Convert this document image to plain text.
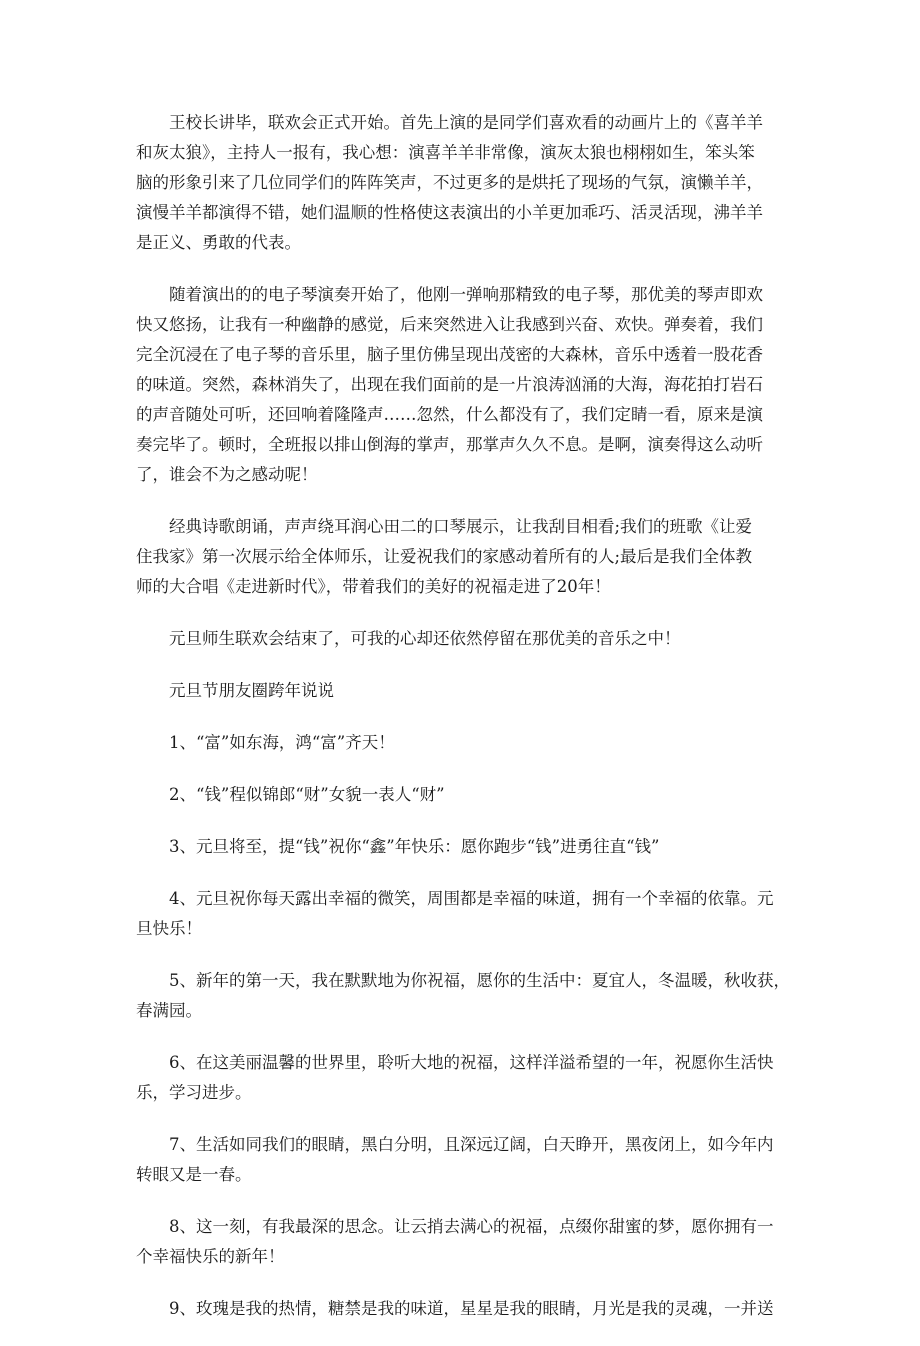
王校长讲毕，联欢会正式开始。首先上演的是同学们喜欢看的动画片上的《喜羊羊
和灰太狼》，主持人一报有，我心想：演喜羊羊非常像，演灰太狼也栩栩如生，笨头笨
脑的形象引来了几位同学们的阵阵笑声，不过更多的是烘托了现场的气氛，演懒羊羊，
演慢羊羊都演得不错，她们温顺的性格使这表演出的小羊更加乖巧、活灵活现，沸羊羊
是正义、勇敢的代表。
随着演出的的电子琴演奏开始了，他刚一弹响那精致的电子琴，那优美的琴声即欢
快又悠扬，让我有一种幽静的感觉，后来突然进入让我感到兴奋、欢快。弹奏着，我们
完全沉浸在了电子琴的音乐里，脑子里仿佛呈现出茂密的大森林，音乐中透着一股花香
的味道。突然，森林消失了，出现在我们面前的是一片浪涛汹涌的大海，海花拍打岩石
的声音随处可听，还回响着隆隆声……忽然，什么都没有了，我们定睛一看，原来是演
奏完毕了。顿时，全班报以排山倒海的掌声，那掌声久久不息。是啊，演奏得这么动听
了，谁会不为之感动呢！
经典诗歌朗诵，声声绕耳润心田二的口琴展示，让我刮目相看;我们的班歌《让爱
住我家》第一次展示给全体师乐，让爱祝我们的家感动着所有的人;最后是我们全体教
师的大合唱《走进新时代》，带着我们的美好的祝福走进了20年！
元旦师生联欢会结束了，可我的心却还依然停留在那优美的音乐之中！
元旦节朋友圈跨年说说
1、“富”如东海，鸿“富”齐天！
2、“钱”程似锦郎“财”女貌一表人“财”
3、元旦将至，提“钱”祝你“鑫”年快乐：愿你跑步“钱”进勇往直“钱”
4、元旦祝你每天露出幸福的微笑，周围都是幸福的味道，拥有一个幸福的依靠。元
旦快乐！
5、新年的第一天，我在默默地为你祝福，愿你的生活中：夏宜人，冬温暖，秋收获，
春满园。
6、在这美丽温馨的世界里，聆听大地的祝福，这样洋溢希望的一年，祝愿你生活快
乐，学习进步。
7、生活如同我们的眼睛，黑白分明，且深远辽阔，白天睁开，黑夜闭上，如今年内
转眼又是一春。
8、这一刻，有我最深的思念。让云捎去满心的祝福，点缀你甜蜜的梦，愿你拥有一
个幸福快乐的新年！
9、玫瑰是我的热情，糖禁是我的味道，星星是我的眼睛，月光是我的灵魂，一并送
